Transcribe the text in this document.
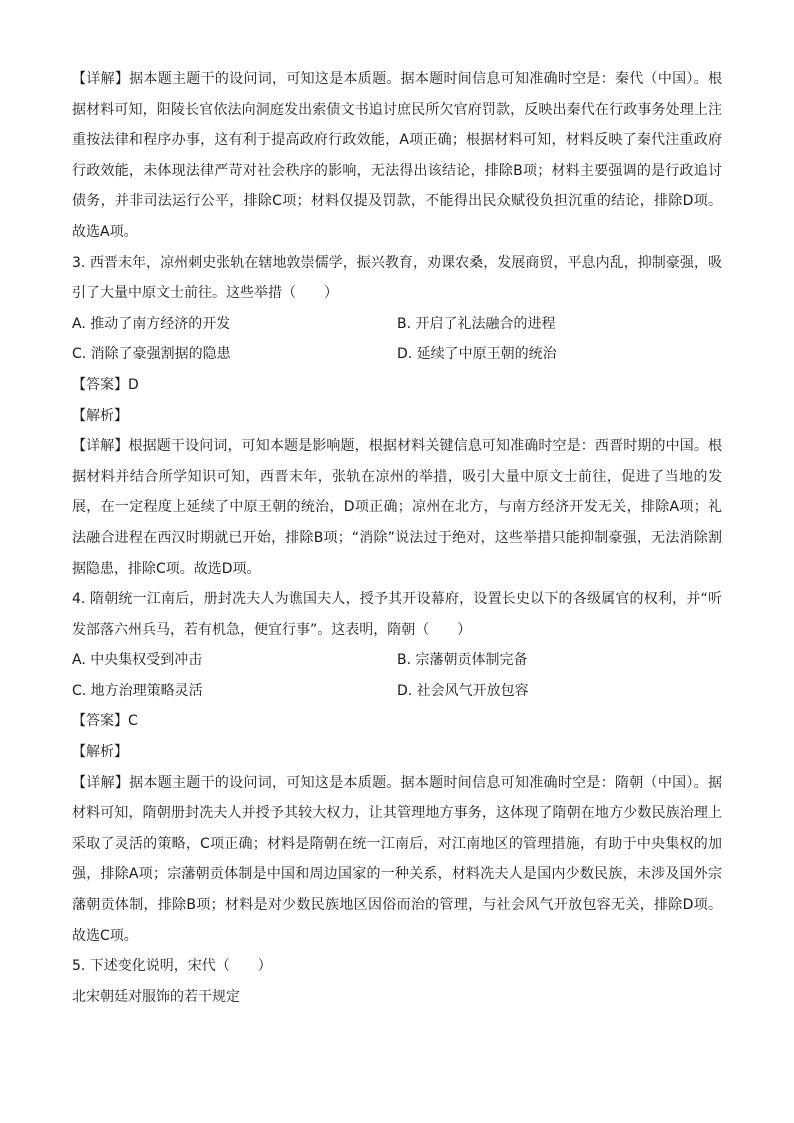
【详解】据本题主题干的设问词，可知这是本质题。据本题时间信息可知准确时空是：秦代（中国）。根据材料可知，阳陵长官依法向洞庭发出索债文书追讨庶民所欠官府罚款，反映出秦代在行政事务处理上注重按法律和程序办事，这有利于提高政府行政效能，A项正确；根据材料可知，材料反映了秦代注重政府行政效能，未体现法律严苛对社会秩序的影响，无法得出该结论，排除B项；材料主要强调的是行政追讨债务，并非司法运行公平，排除C项；材料仅提及罚款，不能得出民众赋役负担沉重的结论，排除D项。故选A项。

3. 西晋末年，凉州刺史张轨在辖地敦崇儒学，振兴教育，劝课农桑，发展商贸，平息内乱，抑制豪强，吸引了大量中原文士前往。这些举措（　　）

A. 推动了南方经济的开发	B. 开启了礼法融合的进程
C. 消除了豪强割据的隐患	D. 延续了中原王朝的统治

【答案】D

【解析】

【详解】根据题干设问词，可知本题是影响题，根据材料关键信息可知准确时空是：西晋时期的中国。根据材料并结合所学知识可知，西晋末年，张轨在凉州的举措，吸引大量中原文士前往，促进了当地的发展，在一定程度上延续了中原王朝的统治，D项正确；凉州在北方，与南方经济开发无关，排除A项；礼法融合进程在西汉时期就已开始，排除B项；“消除”说法过于绝对，这些举措只能抑制豪强，无法消除割据隐患，排除C项。故选D项。

4. 隋朝统一江南后，册封冼夫人为谯国夫人，授予其开设幕府，设置长史以下的各级属官的权利，并“听发部落六州兵马，若有机急，便宜行事”。这表明，隋朝（　　）

A. 中央集权受到冲击	B. 宗藩朝贡体制完备
C. 地方治理策略灵活	D. 社会风气开放包容

【答案】C

【解析】

【详解】据本题主题干的设问词，可知这是本质题。据本题时间信息可知准确时空是：隋朝（中国）。据材料可知，隋朝册封冼夫人并授予其较大权力，让其管理地方事务，这体现了隋朝在地方少数民族治理上采取了灵活的策略，C项正确；材料是隋朝在统一江南后，对江南地区的管理措施，有助于中央集权的加强，排除A项；宗藩朝贡体制是中国和周边国家的一种关系，材料冼夫人是国内少数民族，未涉及国外宗藩朝贡体制，排除B项；材料是对少数民族地区因俗而治的管理，与社会风气开放包容无关，排除D项。故选C项。

5. 下述变化说明，宋代（　　）

北宋朝廷对服饰的若干规定
